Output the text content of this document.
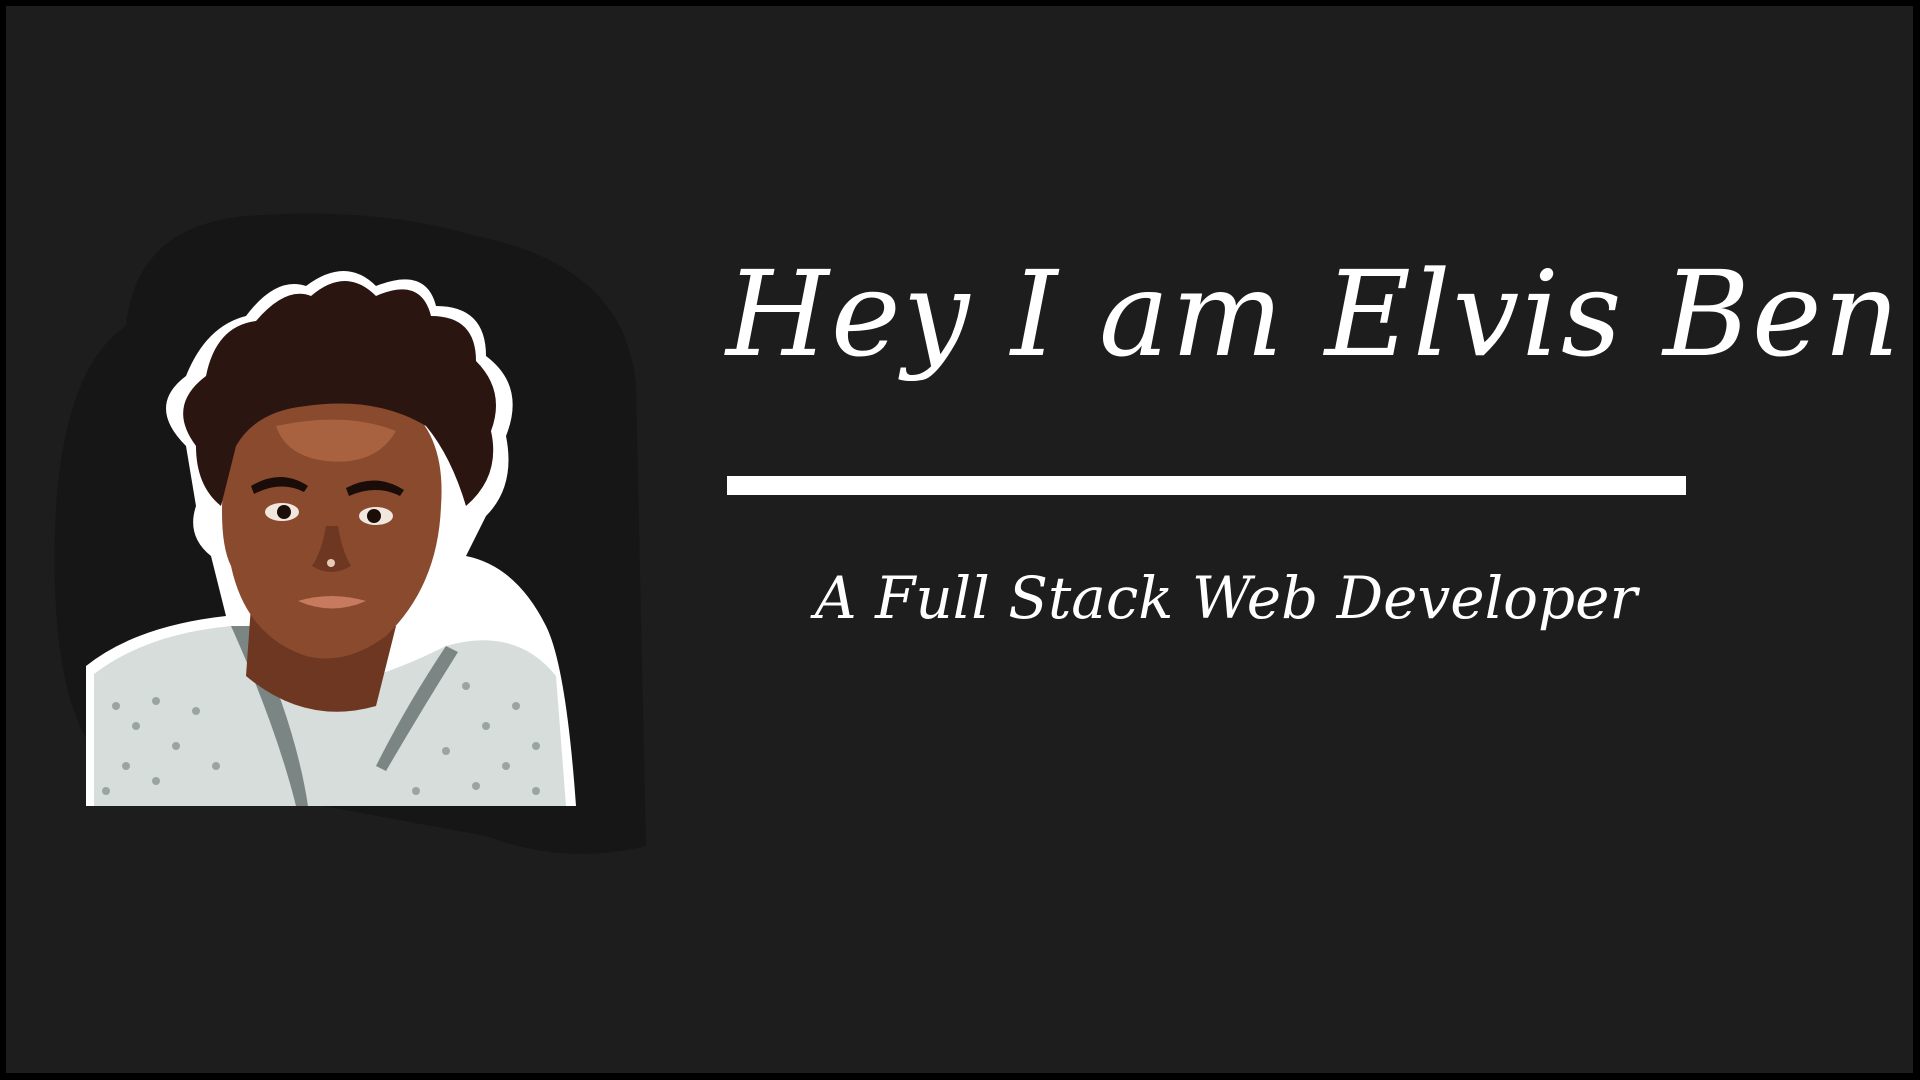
Hey I am Elvis Ben
A Full Stack Web Developer
